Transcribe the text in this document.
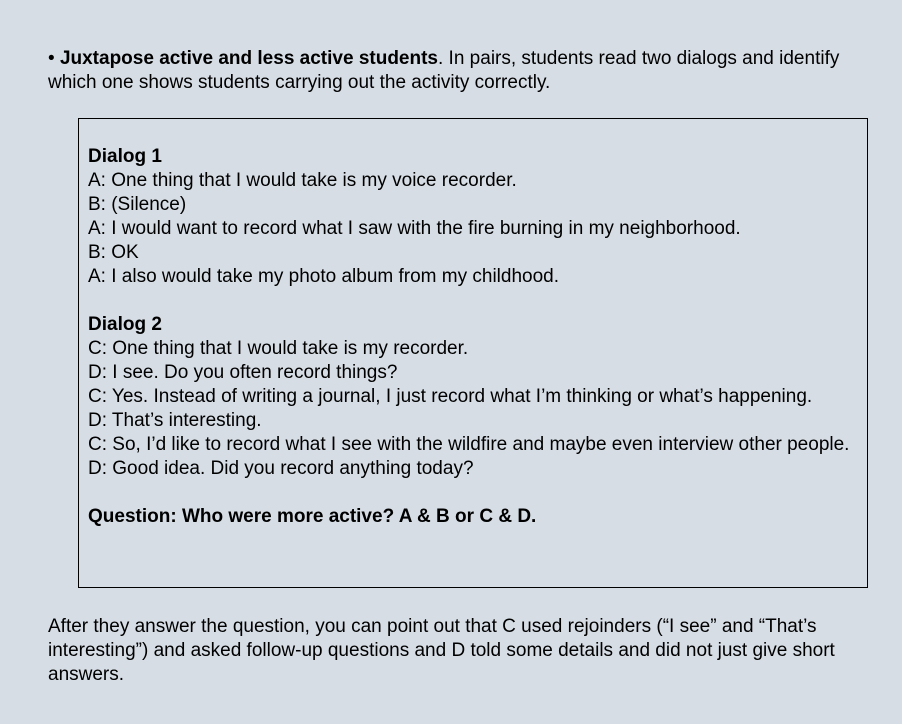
• Juxtapose active and less active students. In pairs, students read two dialogs and identify which one shows students carrying out the activity correctly.

Dialog 1

A: One thing that I would take is my voice recorder.

B: (Silence)

A: I would want to record what I saw with the fire burning in my neighborhood.

B: OK

A: I also would take my photo album from my childhood.

Dialog 2

C: One thing that I would take is my recorder.

D: I see. Do you often record things?

C: Yes. Instead of writing a journal, I just record what I’m thinking or what’s happening.

D: That’s interesting.

C: So, I’d like to record what I see with the wildfire and maybe even interview other people.

D: Good idea. Did you record anything today?

Question: Who were more active? A & B or C & D.

After they answer the question, you can point out that C used rejoinders (“I see” and “That’s interesting”) and asked follow-up questions and D told some details and did not just give short answers.
